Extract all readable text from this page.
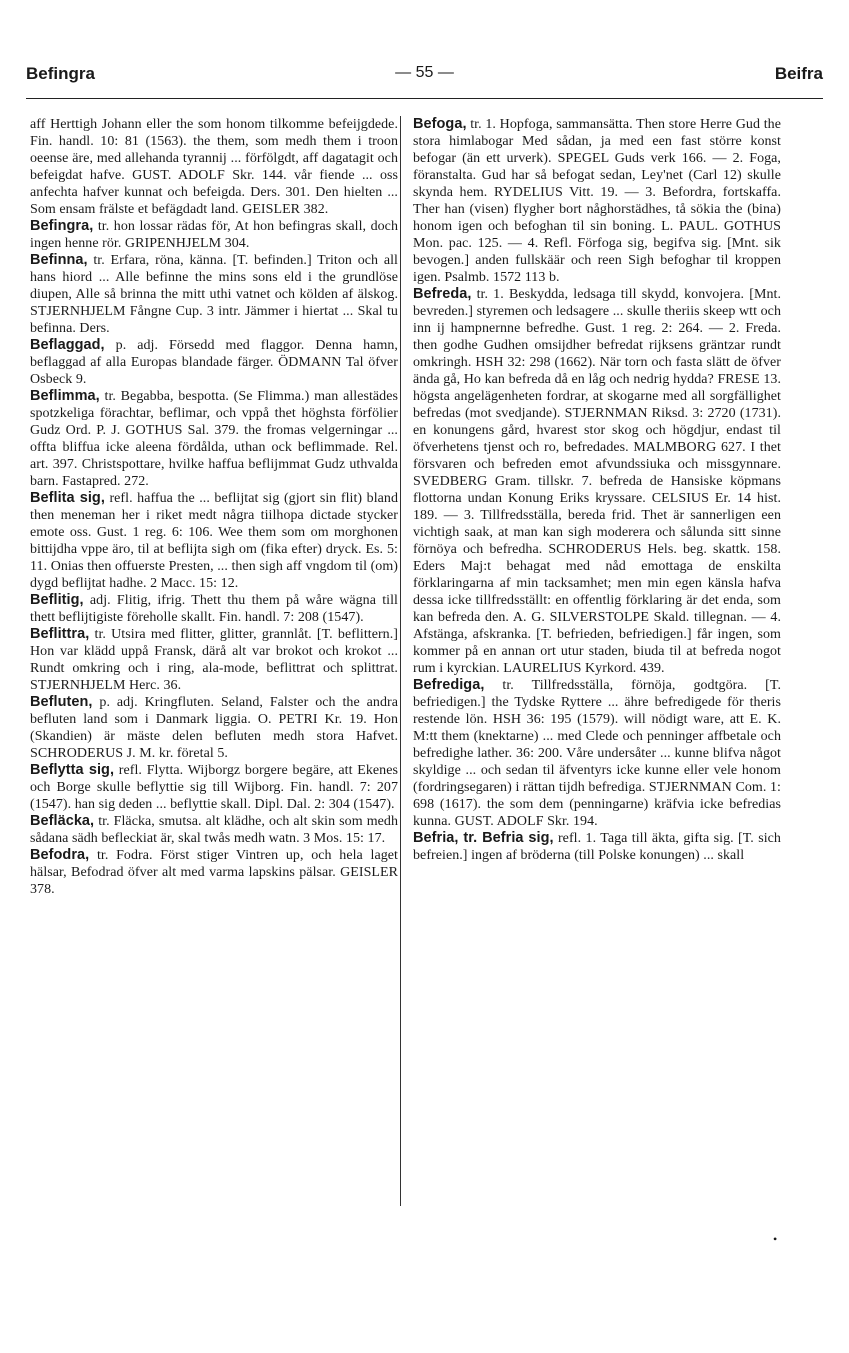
Befingra	— 55 —	Beifra

aff Herttigh Johann eller the som honom tilkomme befeijgdede. Fin. handl. 10: 81 (1563). the them, som medh them i troon oeense äre, med allehanda tyrannij ... förfölgdt, aff dagatagit och befeigdat hafve. GUST. ADOLF Skr. 144. vår fiende ... oss anfechta hafver kunnat och befeigda. Ders. 301. Den hielten ... Som ensam frälste et befägdadt land. GEISLER 382.

Befingra, tr. hon lossar rädas för, At hon befingras skall, doch ingen henne rör. GRIPENHJELM 304.

Befinna, tr. Erfara, röna, känna. [T. befinden.] Triton och all hans hiord ... Alle befinne the mins sons eld i the grundlöse diupen, Alle så brinna the mitt uthi vatnet och kölden af älskog. STJERNHJELM Fångne Cup. 3 intr. Jämmer i hiertat ... Skal tu befinna. Ders.

Beflaggad, p. adj. Försedd med flaggor. Denna hamn, beflaggad af alla Europas blandade färger. ÖDMANN Tal öfver Osbeck 9.

Beflimma, tr. Begabba, bespotta. (Se Flimma.) man allestädes spotzkeliga förachtar, beflimar, och vppå thet höghsta förfölier Gudz Ord. P. J. GOTHUS Sal. 379. the fromas velgerningar ... offta bliffua icke aleena fördålda, uthan ock beflimmade. Rel. art. 397. Christspottare, hvilke haffua beflijmmat Gudz uthvalda barn. Fastapred. 272.

Beflita sig, refl. haffua the ... beflijtat sig (gjort sin flit) bland then meneman her i riket medt några tiilhopa dictade stycker emote oss. Gust. 1 reg. 6: 106. Wee them som om morghonen bittijdha vppe äro, til at beflijta sigh om (fika efter) dryck. Es. 5: 11. Onias then offuerste Presten, ... then sigh aff vngdom til (om) dygd beflijtat hadhe. 2 Macc. 15: 12.

Beflitig, adj. Flitig, ifrig. Thett thu them på wåre wägna till thett beflijtigiste föreholle skallt. Fin. handl. 7: 208 (1547).

Beflittra, tr. Utsira med flitter, glitter, grannlåt. [T. beflittern.] Hon var klädd uppå Fransk, därå alt var brokot och krokot ... Rundt omkring och i ring, ala-mode, beflittrat och splittrat. STJERNHJELM Herc. 36.

Befluten, p. adj. Kringfluten. Seland, Falster och the andra befluten land som i Danmark liggia. O. PETRI Kr. 19. Hon (Skandien) är mäste delen befluten medh stora Hafvet. SCHRODERUS J. M. kr. företal 5.

Beflytta sig, refl. Flytta. Wijborgz borgere begäre, att Ekenes och Borge skulle beflyttie sig till Wijborg. Fin. handl. 7: 207 (1547). han sig deden ... beflyttie skall. Dipl. Dal. 2: 304 (1547).

Befläcka, tr. Fläcka, smutsa. alt klädhe, och alt skin som medh sådana sädh befleckiat är, skal twås medh watn. 3 Mos. 15: 17.

Befodra, tr. Fodra. Först stiger Vintren up, och hela laget hälsar, Befodrad öfver alt med varma lapskins pälsar. GEISLER 378.

Befoga, tr. 1. Hopfoga, sammansätta. Then store Herre Gud the stora himlabogar Med sådan, ja med een fast större konst befogar (än ett urverk). SPEGEL Guds verk 166. — 2. Foga, föranstalta. Gud har så befogat sedan, Ley'net (Carl 12) skulle skynda hem. RYDELIUS Vitt. 19. — 3. Befordra, fortskaffa. Ther han (visen) flygher bort någhorstädhes, tå sökia the (bina) honom igen och befoghan til sin boning. L. PAUL. GOTHUS Mon. pac. 125. — 4. Refl. Förfoga sig, begifva sig. [Mnt. sik bevogen.] anden fullskäär och reen Sigh befoghar til kroppen igen. Psalmb. 1572 113 b.

Befreda, tr. 1. Beskydda, ledsaga till skydd, konvojera. [Mnt. bevreden.] styremen och ledsagere ... skulle theriis skeep wtt och inn ij hampnernne befredhe. Gust. 1 reg. 2: 264. — 2. Freda. then godhe Gudhen omsijdher befredat rijksens gräntzar rundt omkringh. HSH 32: 298 (1662). När torn och fasta slätt de öfver ända gå, Ho kan befreda då en låg och nedrig hydda? FRESE 13. högsta angelägenheten fordrar, at skogarne med all sorgfällighet befredas (mot svedjande). STJERNMAN Riksd. 3: 2720 (1731). en konungens gård, hvarest stor skog och högdjur, endast til öfverhetens tjenst och ro, befredades. MALMBORG 627. I thet försvaren och befreden emot afvundssiuka och missgynnare. SVEDBERG Gram. tillskr. 7. befreda de Hansiske köpmans flottorna undan Konung Eriks kryssare. CELSIUS Er. 14 hist. 189. — 3. Tillfredsställa, bereda frid. Thet är sannerligen een vichtigh saak, at man kan sigh moderera och sålunda sitt sinne förnöya och befredha. SCHRODERUS Hels. beg. skattk. 158. Eders Maj:t behagat med nåd emottaga de enskilta förklaringarna af min tacksamhet; men min egen känsla hafva dessa icke tillfredsställt: en offentlig förklaring är det enda, som kan befreda den. A. G. SILVERSTOLPE Skald. tillegnan. — 4. Afstänga, afskranka. [T. befrieden, befriedigen.] får ingen, som kommer på en annan ort utur staden, biuda til at befreda nogot rum i kyrckian. LAURELIUS Kyrkord. 439.

Befrediga, tr. Tillfredsställa, förnöja, godtgöra. [T. befriedigen.] the Tydske Ryttere ... ähre befredigede för theris restende lön. HSH 36: 195 (1579). will nödigt ware, att E. K. M:tt them (knektarne) ... med Clede och penninger affbetale och befredighe lather. 36: 200. Våre undersåter ... kunne blifva något skyldige ... och sedan til äfventyrs icke kunne eller vele honom (fordringsegaren) i rättan tijdh befrediga. STJERNMAN Com. 1: 698 (1617). the som dem (penningarne) kräfvia icke befredias kunna. GUST. ADOLF Skr. 194.

Befria, tr. Befria sig, refl. 1. Taga till äkta, gifta sig. [T. sich befreien.] ingen af bröderna (till Polske konungen) ... skall

•
